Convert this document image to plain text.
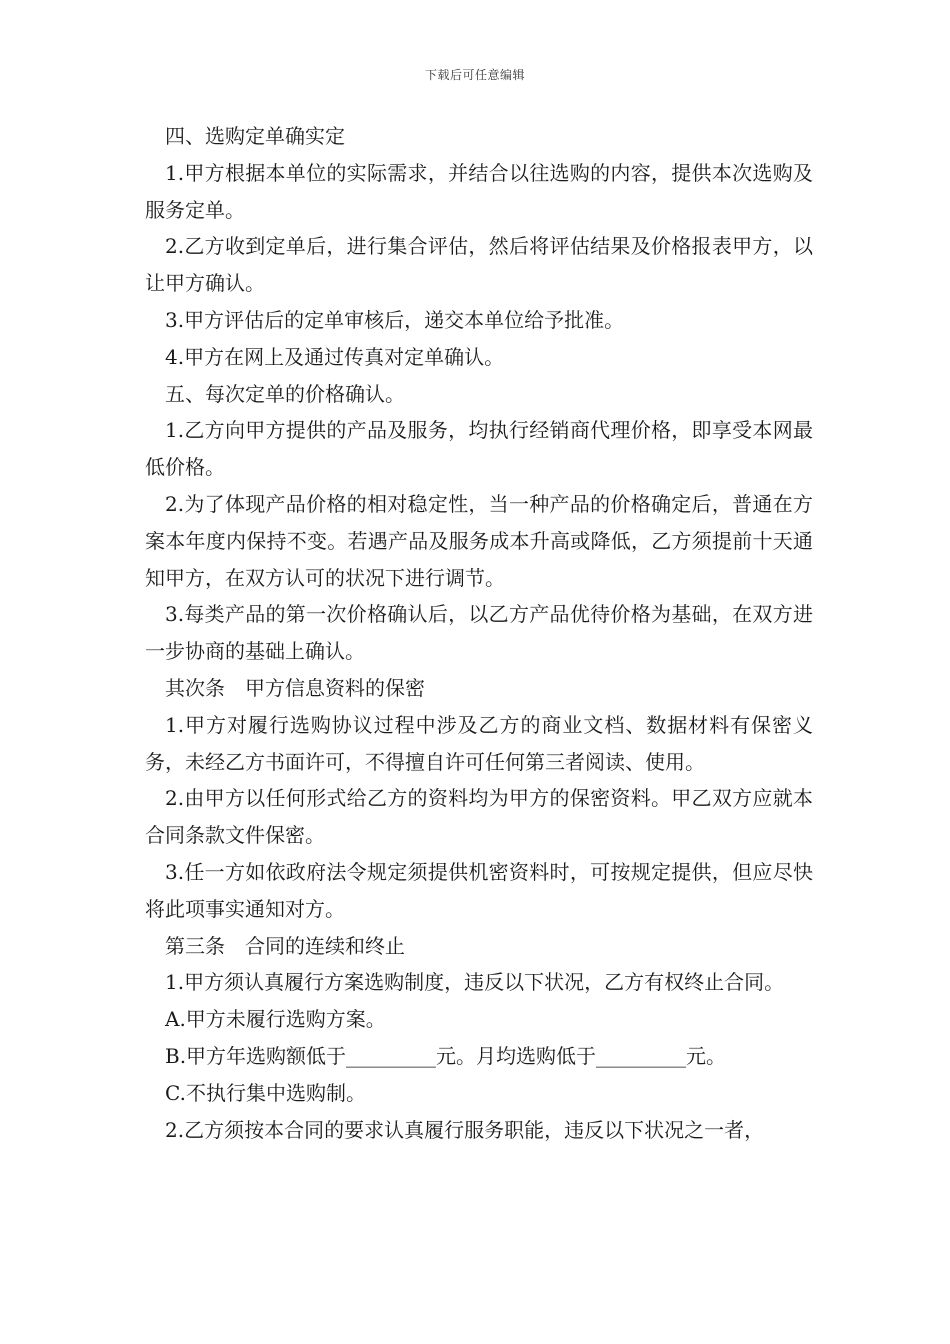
下载后可任意编辑

四、选购定单确实定

1.甲方根据本单位的实际需求，并结合以往选购的内容，提供本次选购及服务定单。

2.乙方收到定单后，进行集合评估，然后将评估结果及价格报表甲方，以让甲方确认。

3.甲方评估后的定单审核后，递交本单位给予批准。

4.甲方在网上及通过传真对定单确认。

五、每次定单的价格确认。

1.乙方向甲方提供的产品及服务，均执行经销商代理价格，即享受本网最低价格。

2.为了体现产品价格的相对稳定性，当一种产品的价格确定后，普通在方案本年度内保持不变。若遇产品及服务成本升高或降低，乙方须提前十天通知甲方，在双方认可的状况下进行调节。

3.每类产品的第一次价格确认后，以乙方产品优待价格为基础，在双方进一步协商的基础上确认。

其次条　甲方信息资料的保密

1.甲方对履行选购协议过程中涉及乙方的商业文档、数据材料有保密义务，未经乙方书面许可，不得擅自许可任何第三者阅读、使用。

2.由甲方以任何形式给乙方的资料均为甲方的保密资料。甲乙双方应就本合同条款文件保密。

3.任一方如依政府法令规定须提供机密资料时，可按规定提供，但应尽快将此项事实通知对方。

第三条　合同的连续和终止

1.甲方须认真履行方案选购制度，违反以下状况，乙方有权终止合同。

A.甲方未履行选购方案。

B.甲方年选购额低于_________元。月均选购低于_________元。

C.不执行集中选购制。

2.乙方须按本合同的要求认真履行服务职能，违反以下状况之一者，
